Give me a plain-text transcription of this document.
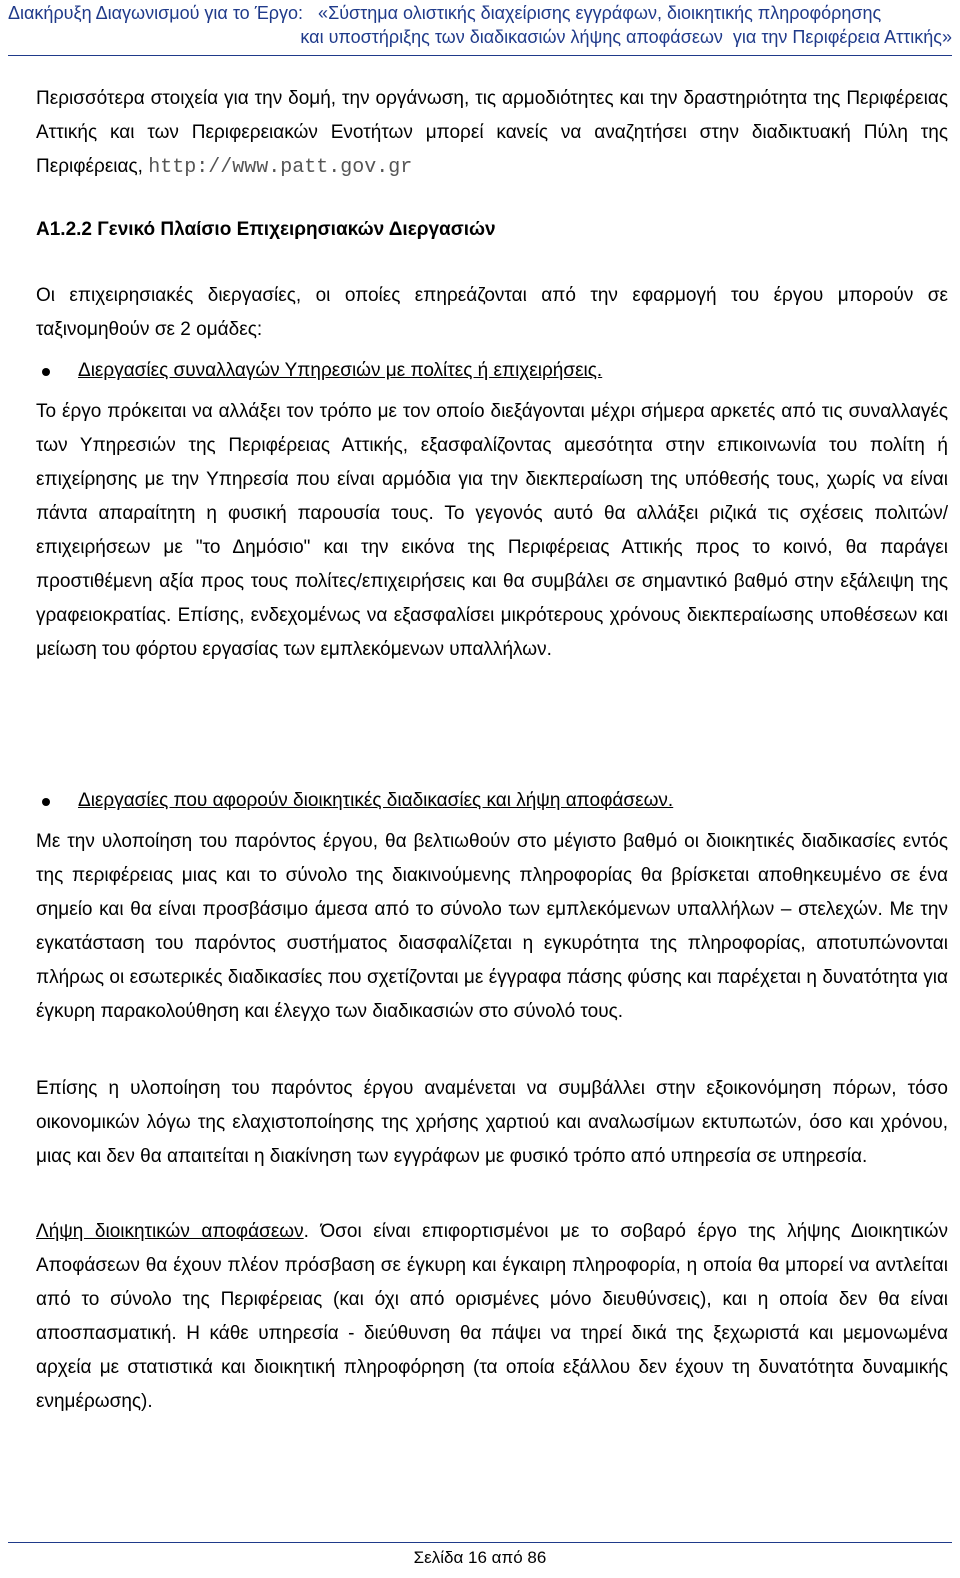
Διακήρυξη Διαγωνισμού για το Έργο:   «Σύστημα ολιστικής διαχείρισης εγγράφων, διοικητικής πληροφόρησης
και υποστήριξης των διαδικασιών λήψης αποφάσεων  για την Περιφέρεια Αττικής»

Περισσότερα στοιχεία για την δομή, την οργάνωση, τις αρμοδιότητες και την δραστηριότητα της Περιφέρειας Αττικής και των Περιφερειακών Ενοτήτων μπορεί κανείς να αναζητήσει στην διαδικτυακή Πύλη της Περιφέρειας, http://www.patt.gov.gr

Α1.2.2 Γενικό Πλαίσιο Επιχειρησιακών Διεργασιών

Οι επιχειρησιακές διεργασίες, οι οποίες επηρεάζονται από την εφαρμογή του έργου μπορούν σε ταξινομηθούν σε 2 ομάδες:

Διεργασίες συναλλαγών Υπηρεσιών με πολίτες ή επιχειρήσεις.

Το έργο πρόκειται να αλλάξει τον τρόπο με τον οποίο διεξάγονται μέχρι σήμερα αρκετές από τις συναλλαγές των Υπηρεσιών της Περιφέρειας Αττικής, εξασφαλίζοντας αμεσότητα στην επικοινωνία του πολίτη ή επιχείρησης με την Υπηρεσία που είναι αρμόδια για την διεκπεραίωση της υπόθεσής τους, χωρίς να είναι πάντα απαραίτητη η φυσική παρουσία τους. Το γεγονός αυτό θα αλλάξει ριζικά τις σχέσεις πολιτών/επιχειρήσεων με "το Δημόσιο" και την εικόνα της Περιφέρειας Αττικής προς το κοινό, θα παράγει προστιθέμενη αξία προς τους πολίτες/επιχειρήσεις και θα συμβάλει σε σημαντικό βαθμό στην εξάλειψη της γραφειοκρατίας. Επίσης, ενδεχομένως να εξασφαλίσει μικρότερους χρόνους διεκπεραίωσης υποθέσεων και μείωση του φόρτου εργασίας των εμπλεκόμενων υπαλλήλων.

Διεργασίες που αφορούν διοικητικές διαδικασίες και λήψη αποφάσεων.

Με την υλοποίηση του παρόντος έργου, θα βελτιωθούν στο μέγιστο βαθμό οι διοικητικές διαδικασίες εντός της περιφέρειας μιας και το σύνολο της διακινούμενης πληροφορίας θα βρίσκεται αποθηκευμένο σε ένα σημείο και θα είναι προσβάσιμο άμεσα από το σύνολο των εμπλεκόμενων υπαλλήλων – στελεχών. Με την εγκατάσταση του παρόντος συστήματος διασφαλίζεται η εγκυρότητα της πληροφορίας, αποτυπώνονται πλήρως οι εσωτερικές διαδικασίες που σχετίζονται με έγγραφα πάσης φύσης και παρέχεται η δυνατότητα για έγκυρη παρακολούθηση και έλεγχο των διαδικασιών στο σύνολό τους.

Επίσης η υλοποίηση του παρόντος έργου αναμένεται να συμβάλλει στην εξοικονόμηση πόρων, τόσο οικονομικών λόγω της ελαχιστοποίησης της χρήσης χαρτιού και αναλωσίμων εκτυπωτών, όσο και χρόνου, μιας και δεν θα απαιτείται η διακίνηση των εγγράφων με φυσικό τρόπο από υπηρεσία σε υπηρεσία.

Λήψη διοικητικών αποφάσεων. Όσοι είναι επιφορτισμένοι με το σοβαρό έργο της λήψης Διοικητικών Αποφάσεων θα έχουν πλέον πρόσβαση σε έγκυρη και έγκαιρη πληροφορία, η οποία θα μπορεί να αντλείται από το σύνολο της Περιφέρειας (και όχι από ορισμένες μόνο διευθύνσεις), και η οποία δεν θα είναι αποσπασματική. Η κάθε υπηρεσία - διεύθυνση θα πάψει να τηρεί δικά της ξεχωριστά και μεμονωμένα αρχεία με στατιστικά και διοικητική πληροφόρηση (τα οποία εξάλλου δεν έχουν τη δυνατότητα δυναμικής ενημέρωσης).

Σελίδα 16 από 86
